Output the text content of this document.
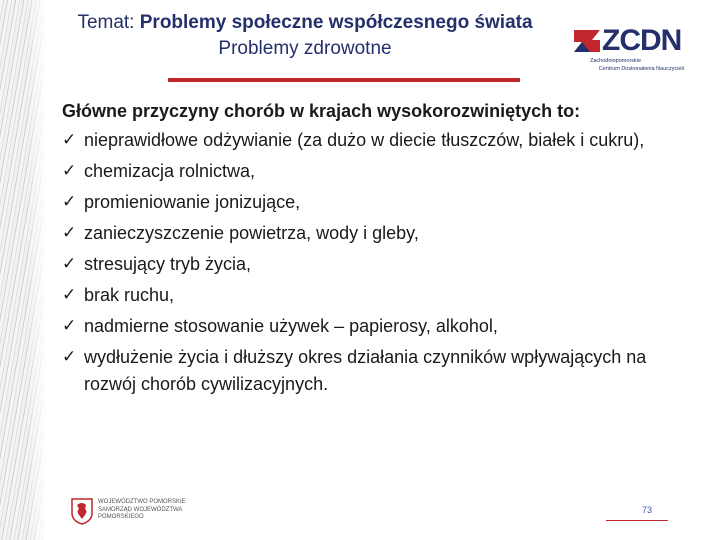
Temat: Problemy społeczne współczesnego świata
Problemy zdrowotne	ZCDN
Zachodniopomorskie
Centrum Doskonalenia Nauczycieli
Główne przyczyny chorób w krajach wysokorozwiniętych to:
✓ nieprawidłowe odżywianie (za dużo w diecie tłuszczów, białek i cukru),
✓ chemizacja rolnictwa,
✓ promieniowanie jonizujące,
✓ zanieczyszczenie powietrza, wody i gleby,
✓ stresujący tryb życia,
✓ brak ruchu,
✓ nadmierne stosowanie używek – papierosy, alkohol,
✓ wydłużenie życia i dłuższy okres działania czynników wpływających na rozwój chorób cywilizacyjnych.
WOJEWÓDZTWO POMORSKIE
SAMORZĄD WOJEWÓDZTWA
POMORSKIEGO
73
